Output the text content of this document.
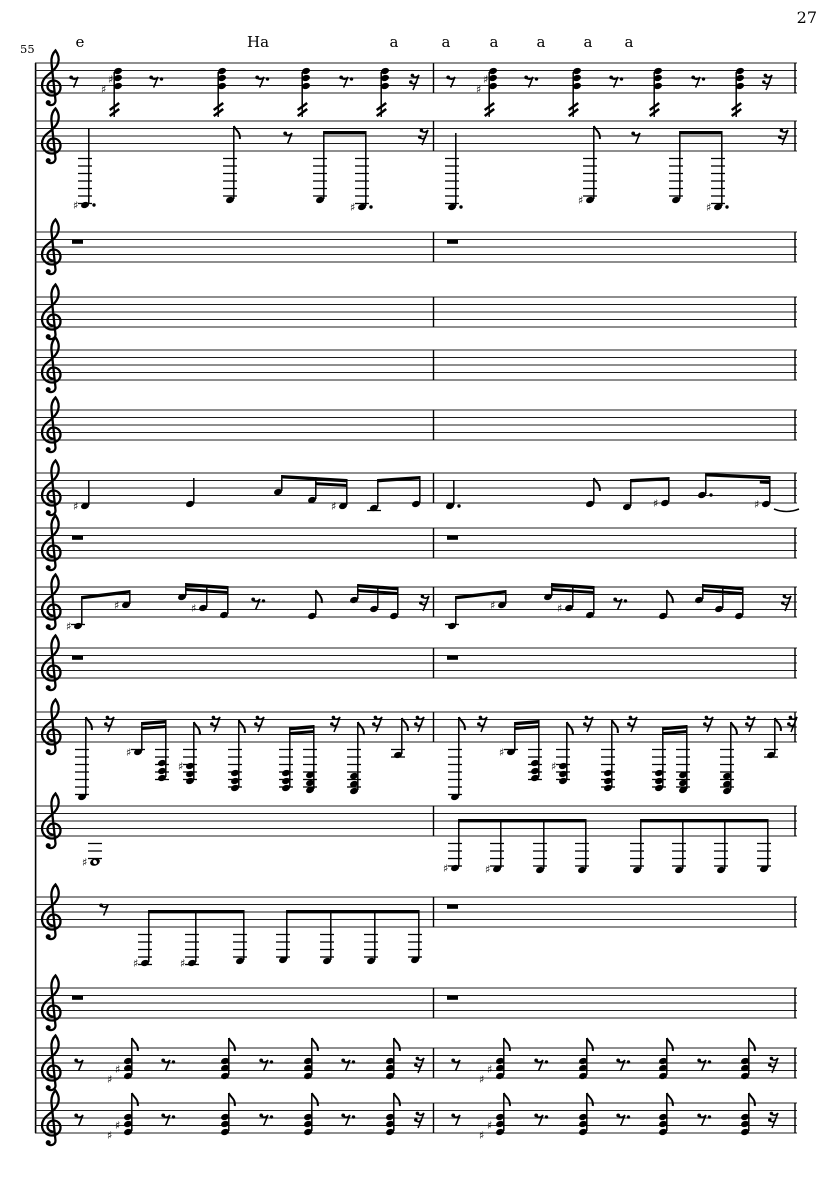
27
55
♯
♯
♯
♯
♯	♯
♯
♯
♯	♯	♯	♯
♯
♯	♯	♯	♯
♯
♯
♯
♯
♯	♯	♯
♯	♯
♯
♯
♯
♯
♯
♯
♯
♯
e	Ha	a	a	a	a	a a
